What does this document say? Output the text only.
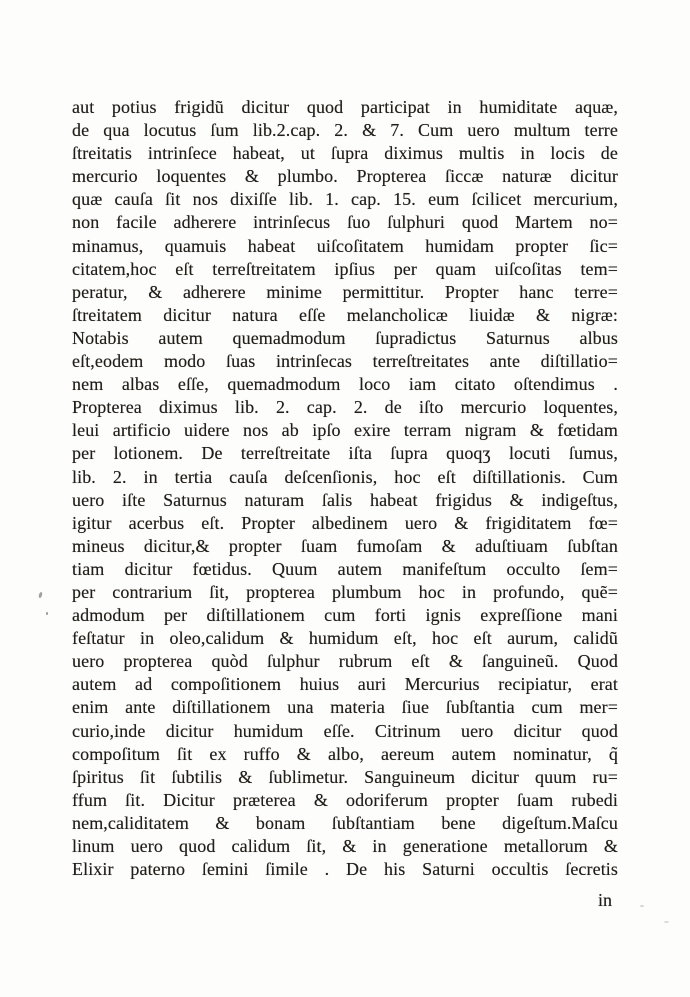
aut potius frigidũ dicitur quod participat in humiditate aquæ,
de qua locutus ſum lib.2.cap. 2. & 7. Cum uero multum terre
ſtreitatis intrinſece habeat, ut ſupra diximus multis in locis de
mercurio loquentes & plumbo. Propterea ſiccæ naturæ dicitur
quæ cauſa ſit nos dixiſſe lib. 1. cap. 15. eum ſcilicet mercurium,
non facile adherere intrinſecus ſuo ſulphuri quod Martem no=
minamus, quamuis habeat uiſcoſitatem humidam propter ſic=
citatem,hoc eſt terreſtreitatem ipſius per quam uiſcoſitas tem=
peratur, & adherere minime permittitur. Propter hanc terre=
ſtreitatem dicitur natura eſſe melancholicæ liuidæ & nigræ:
Notabis autem quemadmodum ſupradictus Saturnus albus
eſt,eodem modo ſuas intrinſecas terreſtreitates ante diſtillatio=
nem albas eſſe, quemadmodum loco iam citato oſtendimus .
Propterea diximus lib. 2. cap. 2. de iſto mercurio loquentes,
leui artificio uidere nos ab ipſo exire terram nigram & fœtidam
per lotionem. De terreſtreitate iſta ſupra quoqʒ locuti ſumus,
lib. 2. in tertia cauſa deſcenſionis, hoc eſt diſtillationis. Cum
uero iſte Saturnus naturam ſalis habeat frigidus & indigeſtus,
igitur acerbus eſt. Propter albedinem uero & frigiditatem fœ=
mineus dicitur,& propter ſuam fumoſam & aduſtiuam ſubſtan
tiam dicitur fœtidus. Quum autem manifeſtum occulto ſem=
per contrarium ſit, propterea plumbum hoc in profundo, quẽ=
admodum per diſtillationem cum forti ignis expreſſione mani
feſtatur in oleo,calidum & humidum eſt, hoc eſt aurum, calidũ
uero propterea quòd ſulphur rubrum eſt & ſanguineũ. Quod
autem ad compoſitionem huius auri Mercurius recipiatur, erat
enim ante diſtillationem una materia ſiue ſubſtantia cum mer=
curio,inde dicitur humidum eſſe. Citrinum uero dicitur quod
compoſitum ſit ex ruffo & albo, aereum autem nominatur, q̃
ſpiritus ſit ſubtilis & ſublimetur. Sanguineum dicitur quum ru=
ffum ſit. Dicitur præterea & odoriferum propter ſuam rubedi
nem,caliditatem & bonam ſubſtantiam bene digeſtum.Maſcu
linum uero quod calidum ſit, & in generatione metallorum &
Elixir paterno ſemini ſimile . De his Saturni occultis ſecretis
in
